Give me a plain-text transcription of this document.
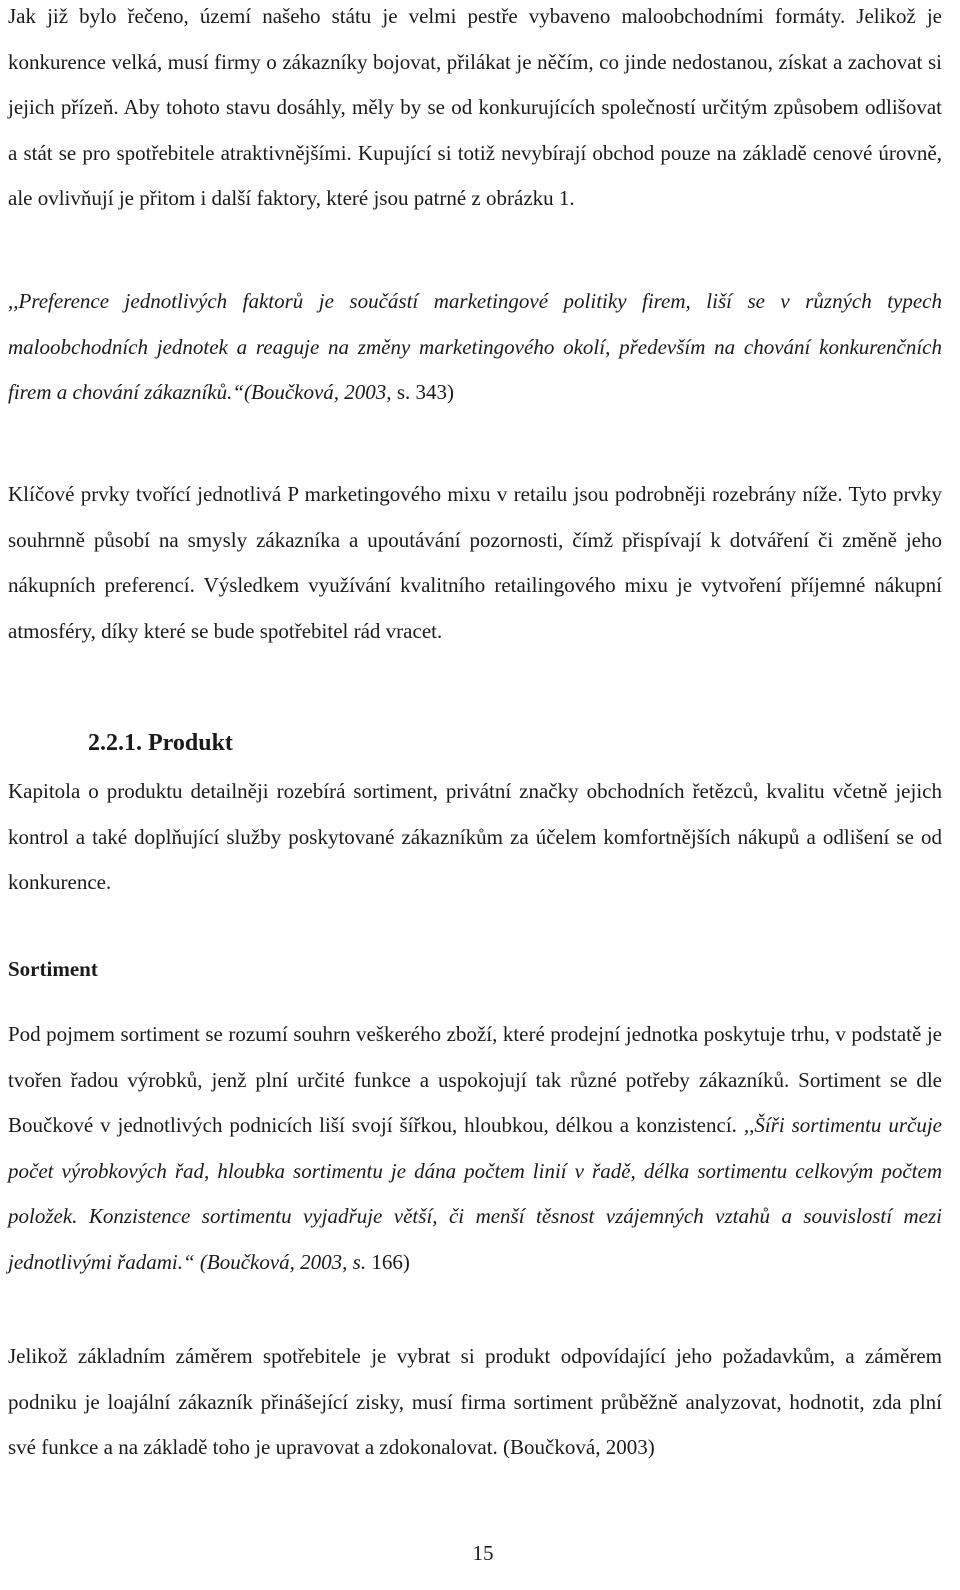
Jak již bylo řečeno, území našeho státu je velmi pestře vybaveno maloobchodními formáty. Jelikož je konkurence velká, musí firmy o zákazníky bojovat, přilákat je něčím, co jinde nedostanou, získat a zachovat si jejich přízeň. Aby tohoto stavu dosáhly, měly by se od konkurujících společností určitým způsobem odlišovat a stát se pro spotřebitele atraktivnějšími. Kupující si totiž nevybírají obchod pouze na základě cenové úrovně, ale ovlivňují je přitom i další faktory, které jsou patrné z obrázku 1.

,,Preference jednotlivých faktorů je součástí marketingové politiky firem, liší se v různých typech maloobchodních jednotek a reaguje na změny marketingového okolí, především na chování konkurenčních firem a chování zákazníků.“(Boučková, 2003, s. 343)

Klíčové prvky tvořící jednotlivá P marketingového mixu v retailu jsou podrobněji rozebrány níže. Tyto prvky souhrnně působí na smysly zákazníka a upoutávání pozornosti, čímž přispívají k dotváření či změně jeho nákupních preferencí. Výsledkem využívání kvalitního retailingového mixu je vytvoření příjemné nákupní atmosféry, díky které se bude spotřebitel rád vracet.

2.2.1. Produkt

Kapitola o produktu detailněji rozebírá sortiment, privátní značky obchodních řetězců, kvalitu včetně jejich kontrol a také doplňující služby poskytované zákazníkům za účelem komfortnějších nákupů a odlišení se od konkurence.

Sortiment

Pod pojmem sortiment se rozumí souhrn veškerého zboží, které prodejní jednotka poskytuje trhu, v podstatě je tvořen řadou výrobků, jenž plní určité funkce a uspokojují tak různé potřeby zákazníků. Sortiment se dle Boučkové v jednotlivých podnicích liší svojí šířkou, hloubkou, délkou a konzistencí. ,,Šíři sortimentu určuje počet výrobkových řad, hloubka sortimentu je dána počtem linií v řadě, délka sortimentu celkovým počtem položek. Konzistence sortimentu vyjadřuje větší, či menší těsnost vzájemných vztahů a souvislostí mezi jednotlivými řadami.“ (Boučková, 2003, s. 166)

Jelikož základním záměrem spotřebitele je vybrat si produkt odpovídající jeho požadavkům, a záměrem podniku je loajální zákazník přinášející zisky, musí firma sortiment průběžně analyzovat, hodnotit, zda plní své funkce a na základě toho je upravovat a zdokonalovat. (Boučková, 2003)

15
